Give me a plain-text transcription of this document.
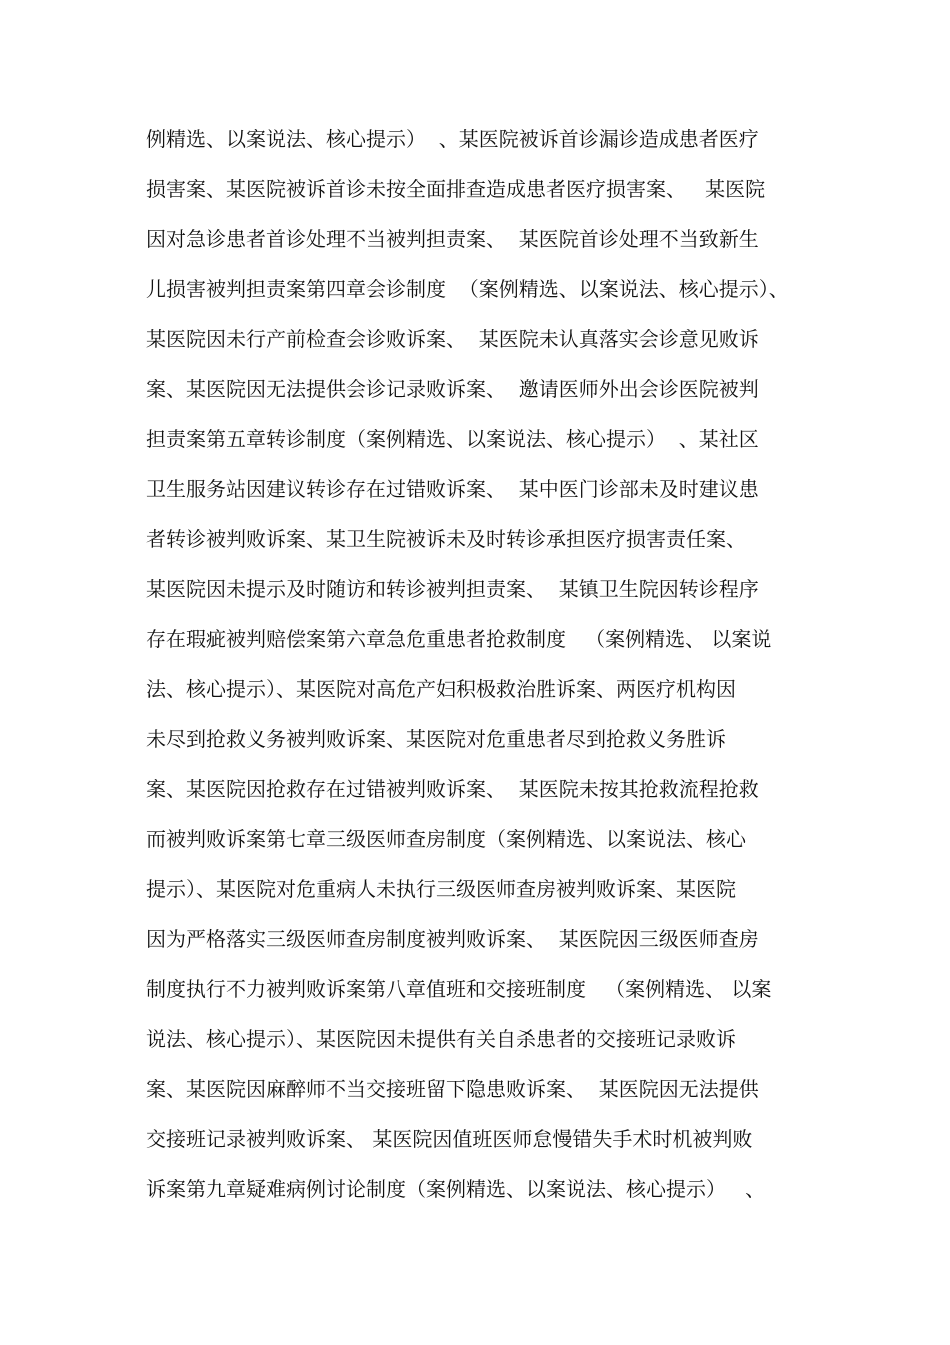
例精选、以案说法、核心提示）  、某医院被诉首诊漏诊造成患者医疗
损害案、某医院被诉首诊未按全面排查造成患者医疗损害案、   某医院
因对急诊患者首诊处理不当被判担责案、  某医院首诊处理不当致新生
儿损害被判担责案第四章会诊制度  （案例精选、以案说法、核心提示）、
某医院因未行产前检查会诊败诉案、  某医院未认真落实会诊意见败诉
案、某医院因无法提供会诊记录败诉案、  邀请医师外出会诊医院被判
担责案第五章转诊制度（案例精选、以案说法、核心提示）  、某社区
卫生服务站因建议转诊存在过错败诉案、  某中医门诊部未及时建议患
者转诊被判败诉案、某卫生院被诉未及时转诊承担医疗损害责任案、
某医院因未提示及时随访和转诊被判担责案、  某镇卫生院因转诊程序
存在瑕疵被判赔偿案第六章急危重患者抢救制度   （案例精选、 以案说
法、核心提示）、某医院对高危产妇积极救治胜诉案、两医疗机构因
未尽到抢救义务被判败诉案、某医院对危重患者尽到抢救义务胜诉
案、某医院因抢救存在过错被判败诉案、  某医院未按其抢救流程抢救
而被判败诉案第七章三级医师查房制度（案例精选、以案说法、核心
提示）、某医院对危重病人未执行三级医师查房被判败诉案、某医院
因为严格落实三级医师查房制度被判败诉案、  某医院因三级医师查房
制度执行不力被判败诉案第八章值班和交接班制度   （案例精选、 以案
说法、核心提示）、某医院因未提供有关自杀患者的交接班记录败诉
案、某医院因麻醉师不当交接班留下隐患败诉案、  某医院因无法提供
交接班记录被判败诉案、 某医院因值班医师怠慢错失手术时机被判败
诉案第九章疑难病例讨论制度（案例精选、以案说法、核心提示）   、
